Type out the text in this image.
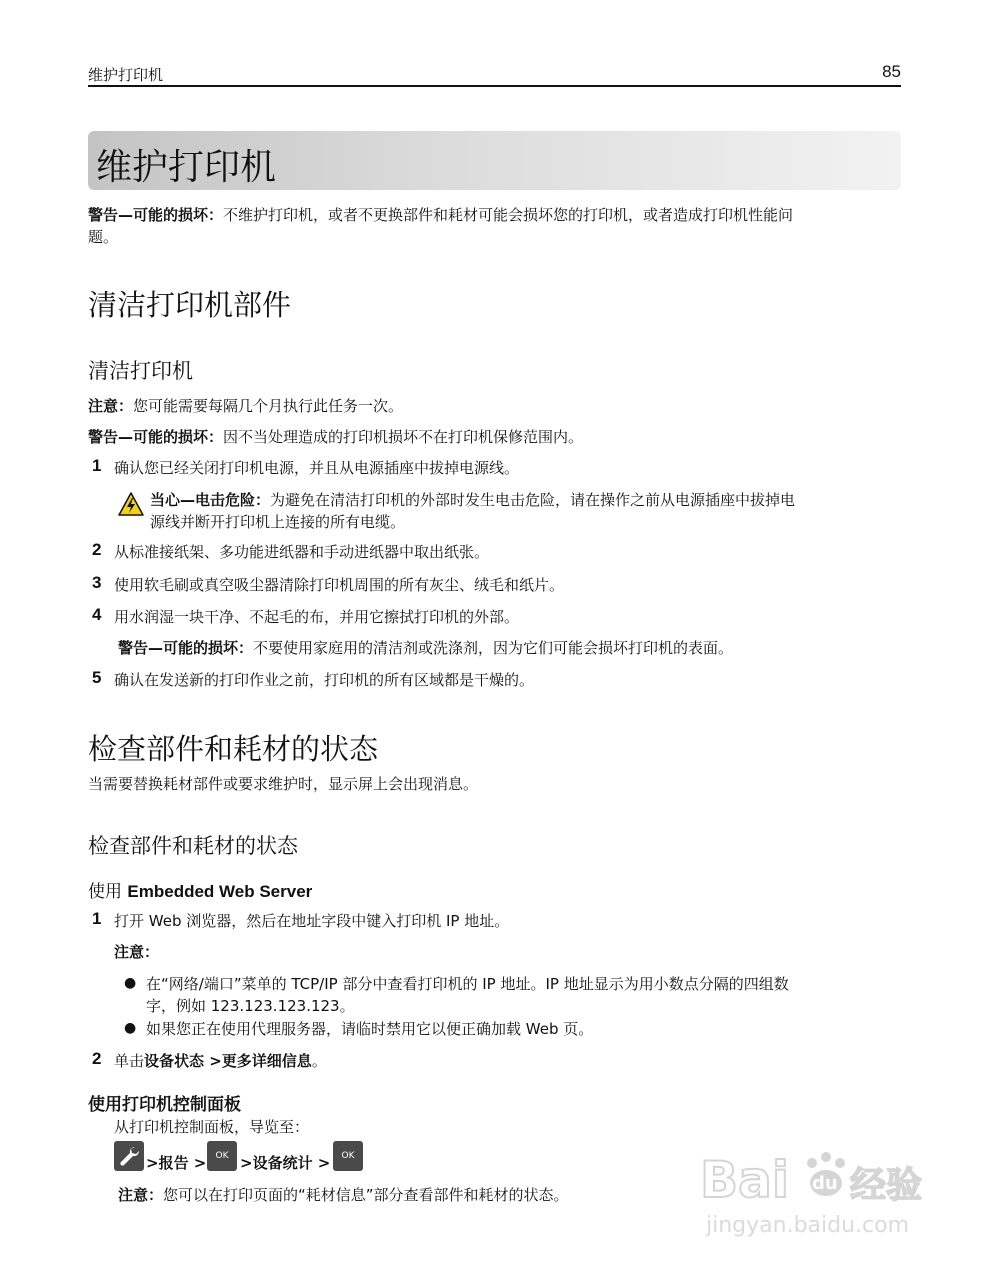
维护打印机	85
维护打印机
警告—可能的损坏：不维护打印机，或者不更换部件和耗材可能会损坏您的打印机，或者造成打印机性能问
题。
清洁打印机部件
清洁打印机
注意：您可能需要每隔几个月执行此任务一次。
警告—可能的损坏：因不当处理造成的打印机损坏不在打印机保修范围内。
1 确认您已经关闭打印机电源，并且从电源插座中拔掉电源线。
当心—电击危险：为避免在清洁打印机的外部时发生电击危险，请在操作之前从电源插座中拔掉电
源线并断开打印机上连接的所有电缆。
2 从标准接纸架、多功能进纸器和手动进纸器中取出纸张。
3 使用软毛刷或真空吸尘器清除打印机周围的所有灰尘、绒毛和纸片。
4 用水润湿一块干净、不起毛的布，并用它擦拭打印机的外部。
警告—可能的损坏：不要使用家庭用的清洁剂或洗涤剂，因为它们可能会损坏打印机的表面。
5 确认在发送新的打印作业之前，打印机的所有区域都是干燥的。
检查部件和耗材的状态
当需要替换耗材部件或要求维护时，显示屏上会出现消息。
检查部件和耗材的状态
使用 Embedded Web Server
1 打开 Web 浏览器，然后在地址字段中键入打印机 IP 地址。
注意：
● 在“网络/端口”菜单的 TCP/IP 部分中查看打印机的 IP 地址。IP 地址显示为用小数点分隔的四组数
字，例如 123.123.123.123。
● 如果您正在使用代理服务器，请临时禁用它以便正确加载 Web 页。
2 单击设备状态 >更多详细信息。
使用打印机控制面板
从打印机控制面板，导览至：
>报告 >	OK >设备统计 >	OK
注意：您可以在打印页面的“耗材信息”部分查看部件和耗材的状态。	Bai du 经验
jingyan.baidu.com
